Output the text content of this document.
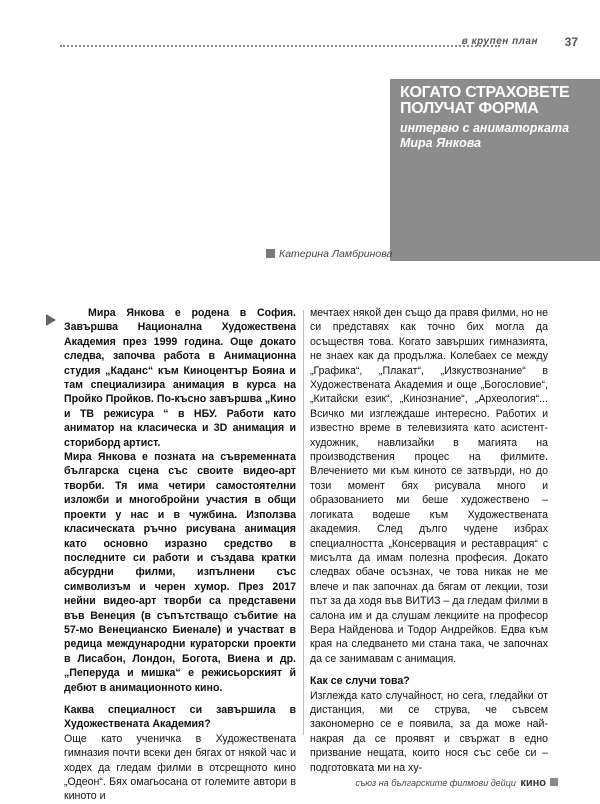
в крупен план 37
КОГАТО СТРАХОВЕТЕ ПОЛУЧАТ ФОРМА
интервю с аниматорката Мира Янкова
Катерина Ламбринова

Мира Янкова е родена в София. Завършва Национална Художествена Академия през 1999 година. Още докато следва, започва работа в Анимационна студия „Каданс“ към Киноцентър Бояна и там специализира анимация в курса на Пройко Пройков. По-късно завършва „Кино и ТВ режисура “ в НБУ. Работи като аниматор на класическа и 3D анимация и сториборд артист.

Мира Янкова е позната на съвременната българска сцена със своите видео-арт творби. Тя има четири самостоятелни изложби и многобройни участия в общи проекти у нас и в чужбина. Използва класическата ръчно рисувана анимация като основно изразно средство в последните си работи и създава кратки абсурдни филми, изпълнени със символизъм и черен хумор. През 2017 нейни видео-арт творби са представени във Венеция (в съпътстващо събитие на 57-мо Венецианско Биенале) и участват в редица международни кураторски проекти в Лисабон, Лондон, Богота, Виена и др. „Пеперуда и мишка“ е режисьорският й дебют в анимационното кино.

Каква специалност си завършила в Художествената Академия?

Още като ученичка в Художествената гимназия почти всеки ден бягах от някой час и ходех да гледам филми в отсрещното кино „Одеон“. Бях омагьосана от големите автори в киното и

мечтаех някой ден също да правя филми, но не си представях как точно бих могла да осъществя това. Когато завърших гимназията, не знаех как да продължа. Колебаех се между „Графика“, „Плакат“, „Изкуствознание“ в Художествената Академия и още „Богословие“, „Китайски език“, „Кинознание“, „Археология“... Всичко ми изглеждаше интересно. Работих и известно време в телевизията като асистент-художник, навлизайки в магията на производствения процес на филмите. Влечението ми към киното се затвърди, но до този момент бях рисувала много и образованието ми беше художествено – логиката водеше към Художествената академия. След дълго чудене избрах специалността „Консервация и реставрация“ с мисълта да имам полезна професия. Докато следвах обаче осъзнах, че това никак не ме влече и пак започнах да бягам от лекции, този път за да ходя във ВИТИЗ – да гледам филми в салона им и да слушам лекциите на професор Вера Найденова и Тодор Андрейков. Едва към края на следването ми стана така, че започнах да се занимавам с анимация.

Как се случи това?

Изглежда като случайност, но сега, гледайки от дистанция, ми се струва, че съвсем закономерно се е появила, за да може най-накрая да се проявят и свържат в едно призвание нещата, които нося със себе си – подготовката ми на ху-

съюз на българските филмови дейци кино
